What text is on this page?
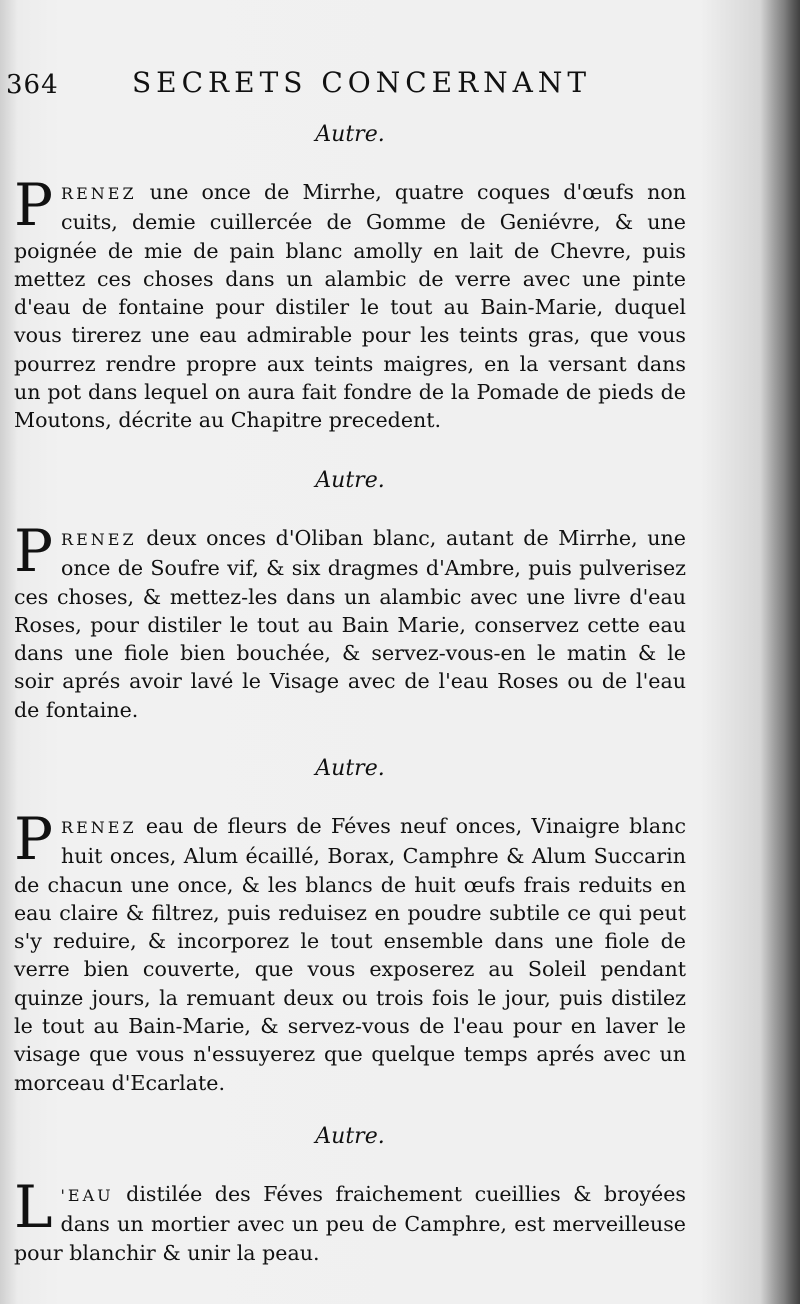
364	SECRETS CONCERNANT
Autre.

PRENEZ une once de Mirrhe, quatre coques d'œufs non cuits, demie cuillercée de Gomme de Geniévre, & une poignée de mie de pain blanc amolly en lait de Chevre, puis mettez ces choses dans un alambic de verre avec une pinte d'eau de fontaine pour distiler le tout au Bain-Marie, duquel vous tirerez une eau admirable pour les teints gras, que vous pourrez rendre propre aux teints maigres, en la versant dans un pot dans lequel on aura fait fondre de la Pomade de pieds de Moutons, décrite au Chapitre precedent.

Autre.

PRENEZ deux onces d'Oliban blanc, autant de Mirrhe, une once de Soufre vif, & six dragmes d'Ambre, puis pulverisez ces choses, & mettez-les dans un alambic avec une livre d'eau Roses, pour distiler le tout au Bain Marie, conservez cette eau dans une fiole bien bouchée, & servez-vous-en le matin & le soir aprés avoir lavé le Visage avec de l'eau Roses ou de l'eau de fontaine.

Autre.

PRENEZ eau de fleurs de Féves neuf onces, Vinaigre blanc huit onces, Alum écaillé, Borax, Camphre & Alum Succarin de chacun une once, & les blancs de huit œufs frais reduits en eau claire & filtrez, puis reduisez en poudre subtile ce qui peut s'y reduire, & incorporez le tout ensemble dans une fiole de verre bien couverte, que vous exposerez au Soleil pendant quinze jours, la remuant deux ou trois fois le jour, puis distilez le tout au Bain-Marie, & servez-vous de l'eau pour en laver le visage que vous n'essuyerez que quelque temps aprés avec un morceau d'Ecarlate.

Autre.

L 'EAU distilée des Féves fraichement cueillies & broyées dans un mortier avec un peu de Camphre, est merveilleuse pour blanchir & unir la peau.
